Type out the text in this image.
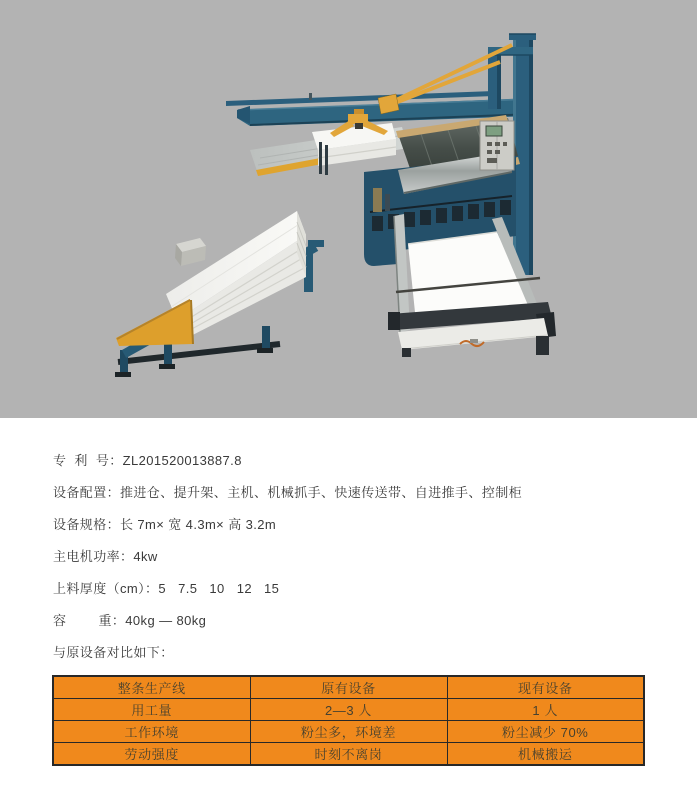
专  利  号：ZL201520013887.8

设备配置：推进仓、提升架、主机、机械抓手、快速传送带、自进推手、控制柜

设备规格：长 7m× 宽 4.3m× 高 3.2m

主电机功率：4kw

上料厚度（cm）：5   7.5   10   12   15

容        重：40kg — 80kg

与原设备对比如下：

整条生产线	原有设备	现有设备
用工量	2—3 人	1 人
工作环境	粉尘多，环境差	粉尘减少 70%
劳动强度	时刻不离岗	机械搬运
